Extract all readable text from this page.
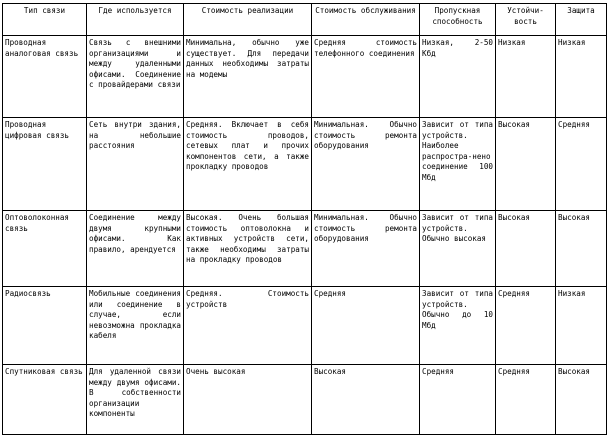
Тип связи	Где используется	Стоимость реализации	Стоимость обслуживания	Пропускная способность	Устойчи-вость	Защита
Проводная аналоговая связь	Связь с внешними организациями и между удаленными офисами. Соединение с провайдерами связи	Минимальна, обычно уже существует. Для передачи данных необходимы затраты на модемы	Средняя стоимость телефонного соединения	Низкая, 2-50 Кбд	Низкая	Низкая
Проводная цифровая связь	Сеть внутри здания, на небольшие расстояния	Средняя. Включает в себя стоимость проводов, сетевых плат и прочих компонентов сети, а также прокладку проводов	Минимальная. Обычно стоимость ремонта оборудования	Зависит от типа устройств. Наиболее распростра-нено соединение 100 Мбд	Высокая	Средняя
Оптоволоконная связь	Соединение между двумя крупными офисами. Как правило, арендуется	Высокая. Очень большая стоимость оптоволокна и активных устройств сети, также необходимы затраты на прокладку проводов	Минимальная. Обычно стоимость ремонта оборудования	Зависит от типа устройств. Обычно высокая	Высокая	Высокая
Радиосвязь	Мобильные соединения или соединение в случае, если невозможна прокладка кабеля	Средняя. Стоимость устройств	Средняя	Зависит от типа устройств. Обычно до 10 Мбд	Средняя	Низкая
Спутниковая связь	Для удаленной связи между двумя офисами. В собственности организации компоненты	Очень высокая	Высокая	Средняя	Средняя	Высокая
